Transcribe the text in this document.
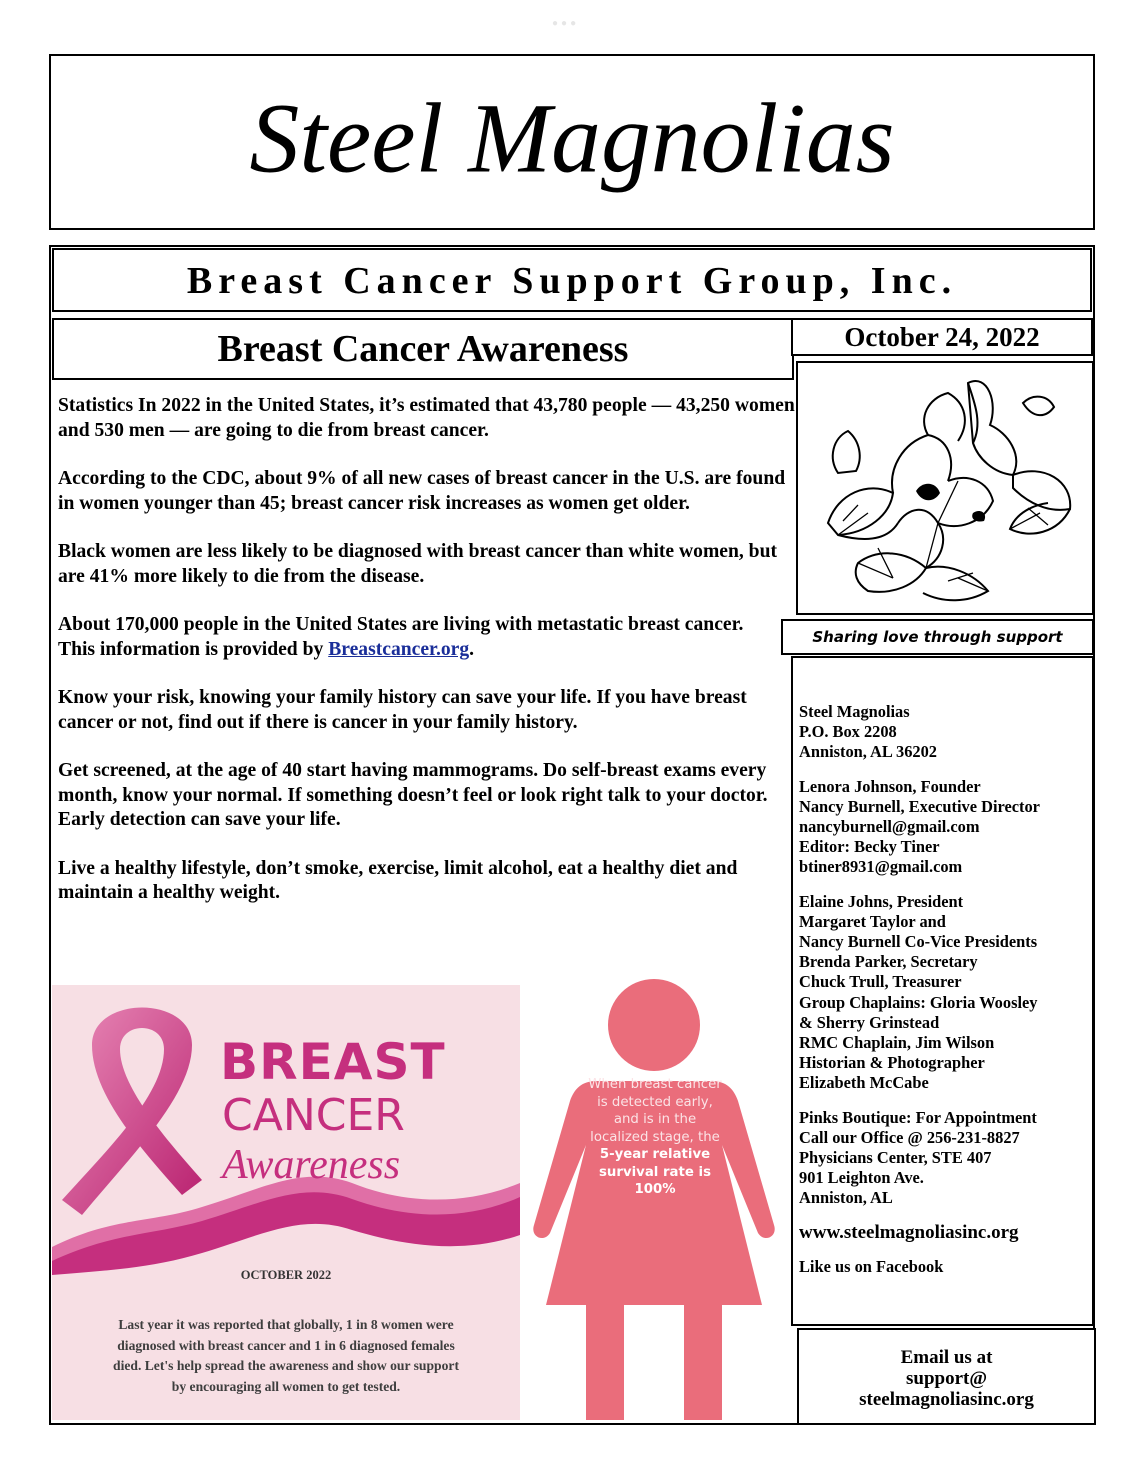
●●●
Steel Magnolias
Breast Cancer Support Group, Inc.
Breast Cancer Awareness	October 24, 2022
Sharing love through support

Steel Magnolias
P.O. Box 2208
Anniston, AL 36202

Lenora Johnson, Founder
Nancy Burnell, Executive Director
nancyburnell@gmail.com
Editor: Becky Tiner
btiner8931@gmail.com

Elaine Johns, President
Margaret Taylor and
Nancy Burnell Co-Vice Presidents
Brenda Parker, Secretary
Chuck Trull, Treasurer
Group Chaplains: Gloria Woosley
& Sherry Grinstead
RMC Chaplain, Jim Wilson
Historian & Photographer
Elizabeth McCabe

Pinks Boutique: For Appointment
Call our Office @ 256-231-8827
Physicians Center, STE 407
901 Leighton Ave.
Anniston, AL

www.steelmagnoliasinc.org

Like us on Facebook

Email us at
support@
steelmagnoliasinc.org

Statistics In 2022 in the United States, it’s estimated that 43,780 people — 43,250 women and 530 men — are going to die from breast cancer.

According to the CDC, about 9% of all new cases of breast cancer in the U.S. are found in women younger than 45; breast cancer risk increases as women get older.

Black women are less likely to be diagnosed with breast cancer than white women, but are 41% more likely to die from the disease.

About 170,000 people in the United States are living with metastatic breast cancer.
This information is provided by Breastcancer.org.

Know your risk, knowing your family history can save your life. If you have breast cancer or not, find out if there is cancer in your family history.

Get screened, at the age of 40 start having mammograms. Do self-breast exams every month, know your normal. If something doesn’t feel or look right talk to your doctor. Early detection can save your life.

Live a healthy lifestyle, don’t smoke, exercise, limit alcohol, eat a healthy diet and maintain a healthy weight.

BREAST
CANCER
Awareness
OCTOBER 2022
Last year it was reported that globally, 1 in 8 women were diagnosed with breast cancer and 1 in 6 diagnosed females died. Let's help spread the awareness and show our support by encouraging all women to get tested.
When breast cancer is detected early, and is in the localized stage, the 5-year relative survival rate is 100%
